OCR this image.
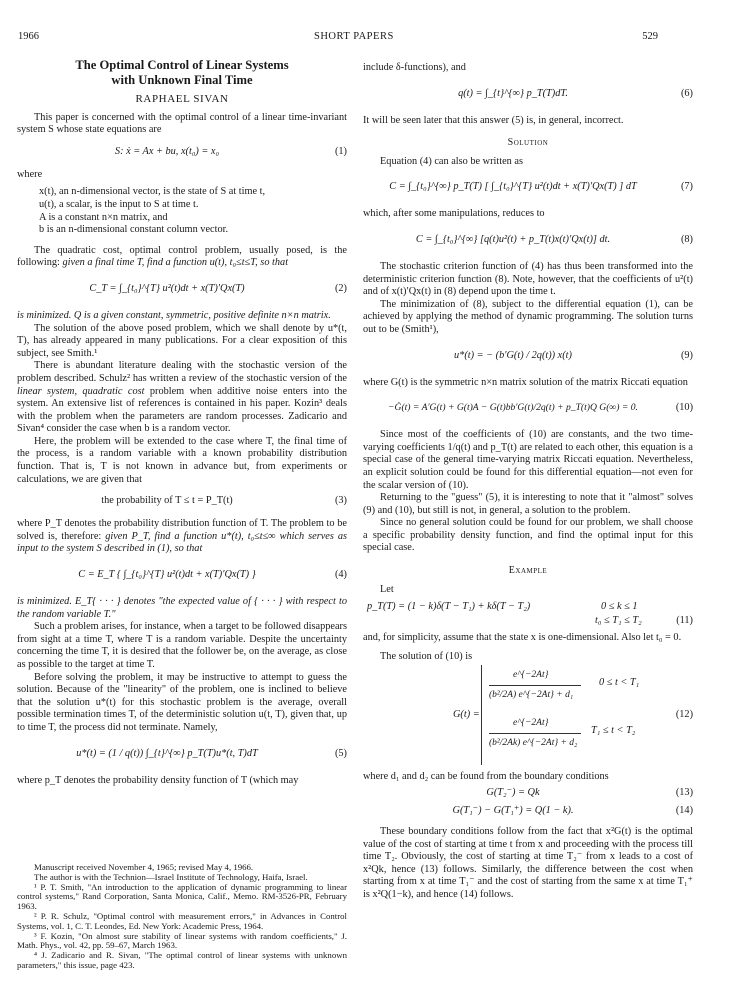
1966	SHORT PAPERS	529
The Optimal Control of Linear Systems
with Unknown Final Time
RAPHAEL SIVAN

This paper is concerned with the optimal control of a linear time-invariant system S whose state equations are

S: ẋ = Ax + bu, x(t₀) = x₀	(1)

where

x(t), an n-dimensional vector, is the state of S at time t,
u(t), a scalar, is the input to S at time t.
A is a constant n×n matrix, and
b is an n-dimensional constant column vector.

The quadratic cost, optimal control problem, usually posed, is the following: given a final time T, find a function u(t), t₀≤t≤T, so that

C_T = ∫_{t₀}^{T} u²(t)dt + x(T)′Qx(T)	(2)

is minimized. Q is a given constant, symmetric, positive definite n×n matrix.

The solution of the above posed problem, which we shall denote by u*(t, T), has already appeared in many publications. For a clear exposition of this subject, see Smith.¹

There is abundant literature dealing with the stochastic version of the problem described. Schulz² has written a review of the stochastic version of the linear system, quadratic cost problem when additive noise enters into the system. An extensive list of references is contained in his paper. Kozin³ deals with the problem when the parameters are random processes. Zadicario and Sivan⁴ consider the case when b is a random vector.

Here, the problem will be extended to the case where T, the final time of the process, is a random variable with a known probability distribution function. That is, T is not known in advance but, from experiments or calculations, we are given that

the probability of T ≤ t = P_T(t)	(3)

where P_T denotes the probability distribution function of T. The problem to be solved is, therefore: given P_T, find a function u*(t), t₀≤t≤∞ which serves as input to the system S described in (1), so that

C = E_T { ∫_{t₀}^{T} u²(t)dt + x(T)′Qx(T) }	(4)

is minimized. E_T{ · · · } denotes "the expected value of { · · · } with respect to the random variable T."

Such a problem arises, for instance, when a target to be followed disappears from sight at a time T, where T is a random variable. Despite the uncertainty concerning the time T, it is desired that the follower be, on the average, as close as possible to the target at time T.

Before solving the problem, it may be instructive to attempt to guess the solution. Because of the "linearity" of the problem, one is inclined to believe that the solution u*(t) for this stochastic problem is the average, overall possible termination times T, of the deterministic solution u(t, T), given that, up to time T, the process did not terminate. Namely,

u*(t) = (1 / q(t)) ∫_{t}^{∞} p_T(T)u*(t, T)dT	(5)

where p_T denotes the probability density function of T (which may

Manuscript received November 4, 1965; revised May 4, 1966.

The author is with the Technion—Israel Institute of Technology, Haifa, Israel.

¹ P. T. Smith, "An introduction to the application of dynamic programming to linear control systems," Rand Corporation, Santa Monica, Calif., Memo. RM-3526-PR, February 1963.

² P. R. Schulz, "Optimal control with measurement errors," in Advances in Control Systems, vol. 1, C. T. Leondes, Ed. New York: Academic Press, 1964.

³ F. Kozin, "On almost sure stability of linear systems with random coefficients," J. Math. Phys., vol. 42, pp. 59–67, March 1963.

⁴ J. Zadicario and R. Sivan, "The optimal control of linear systems with unknown parameters," this issue, page 423.

include δ-functions), and

q(t) = ∫_{t}^{∞} p_T(T)dT.	(6)

It will be seen later that this answer (5) is, in general, incorrect.

Solution

Equation (4) can also be written as

C = ∫_{t₀}^{∞} p_T(T) [ ∫_{t₀}^{T} u²(t)dt + x(T)′Qx(T) ] dT	(7)

which, after some manipulations, reduces to

C = ∫_{t₀}^{∞} [q(t)u²(t) + p_T(t)x(t)′Qx(t)] dt.	(8)

The stochastic criterion function of (4) has thus been transformed into the deterministic criterion function (8). Note, however, that the coefficients of u²(t) and of x(t)′Qx(t) in (8) depend upon the time t.

The minimization of (8), subject to the differential equation (1), can be achieved by applying the method of dynamic programming. The solution turns out to be (Smith¹),

u*(t) = − (b′G(t) / 2q(t)) x(t)	(9)

where G(t) is the symmetric n×n matrix solution of the matrix Riccati equation

−Ġ(t) = A′G(t) + G(t)A − G(t)bb′G(t)/2q(t) + p_T(t)Q G(∞) = 0.	(10)

Since most of the coefficients of (10) are constants, and the two time-varying coefficients 1/q(t) and p_T(t) are related to each other, this equation is a special case of the general time-varying matrix Riccati equation. Nevertheless, an explicit solution could be found for this differential equation—not even for the scalar version of (10).

Returning to the "guess" (5), it is interesting to note that it "almost" solves (9) and (10), but still is not, in general, a solution to the problem.

Since no general solution could be found for our problem, we shall choose a specific probability density function, and find the optimal input for this special case.

Example

Let

p_T(T) = (1 − k)δ(T − T₁) + kδ(T − T₂)	0 ≤ k ≤ 1
t₀ ≤ T₁ ≤ T₂	(11)

and, for simplicity, assume that the state x is one-dimensional. Also let t₀ = 0.

The solution of (10) is

G(t) =
e^{−2At}
(b²/2A) e^{−2At} + d₁
0 ≤ t < T₁
e^{−2At}
(b²/2Ak) e^{−2At} + d₂
T₁ ≤ t < T₂
(12)

where d₁ and d₂ can be found from the boundary conditions

G(T₂⁻) = Qk	(13)
G(T₁⁻) − G(T₁⁺) = Q(1 − k).	(14)

These boundary conditions follow from the fact that x²G(t) is the optimal value of the cost of starting at time t from x and proceeding with the process till time T₂. Obviously, the cost of starting at time T₂⁻ from x leads to a cost of x²Qk, hence (13) follows. Similarly, the difference between the cost when starting from x at time T₁⁻ and the cost of starting from the same x at time T₁⁺ is x²Q(1−k), and hence (14) follows.
